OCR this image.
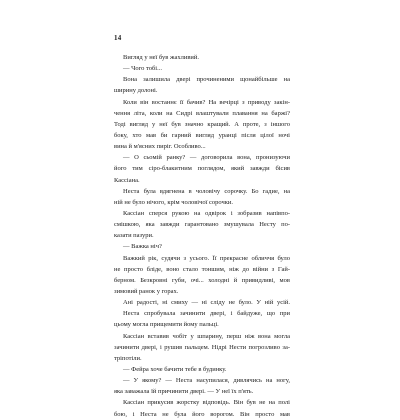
14
Вигляд у неї був жахливий.
— Чого тобі...
Вона залишила двері прочиненими щонайбільше на
ширину долоні.
Коли він востаннє її бачив? На вечірці з приводу закін-
чення літа, коли на Сидрі влаштували плавання на баржі?
Тоді вигляд у неї був значно кращий. А проте, з іншого
боку, хто мав би гарний вигляд уранці після цілої ночі
вина й м'ясних пиріг. Особливо...
— О сьомій ранку? — договорила вона, пронизуючи
його тим сіро-блакитним поглядом, який завжди бісив
Кассіана.
Неста була вдягнена в чоловічу сорочку. Бо гадие, на
ній не було нічого, крім чоловічої сорочки.
Кассіан сперся рукою на одвірок і зобразив напівпо-
смішкою, яка завжди гарантовано змушувала Несту по-
казати пазури.
— Важка ніч?
Важкий рік, судячи з усього. Її прекрасне обличчя було
не просто бліде, воно стало тоншим, ніж до війни з Гай-
берном. Безкровні губи, очі... холодні й привидливі, мов
зимовий ранок у горах.
Ані радості, ні смиху — ні сліду не було. У ній усій.
Неста спробувала зачинити двері, і байдуже, що при
цьому могла прищемити йому пальці.
Кассіан вставив чобіт у шпарину, перш ніж вона могла
зачинити двері, і рушив пальцем. Нідрі Нести погрозливо за-
тріпотіли.
— Фейра хоче бачити тебе в будинку.
— У якому? — Неста насупилася, дивлячись на ногу,
яка заважала їй причинити двері. — У неї їх п'ять.
Кассіан прикусив жорстку відповідь. Він був не на полі
бою, і Неста не була його ворогом. Він просто мав
